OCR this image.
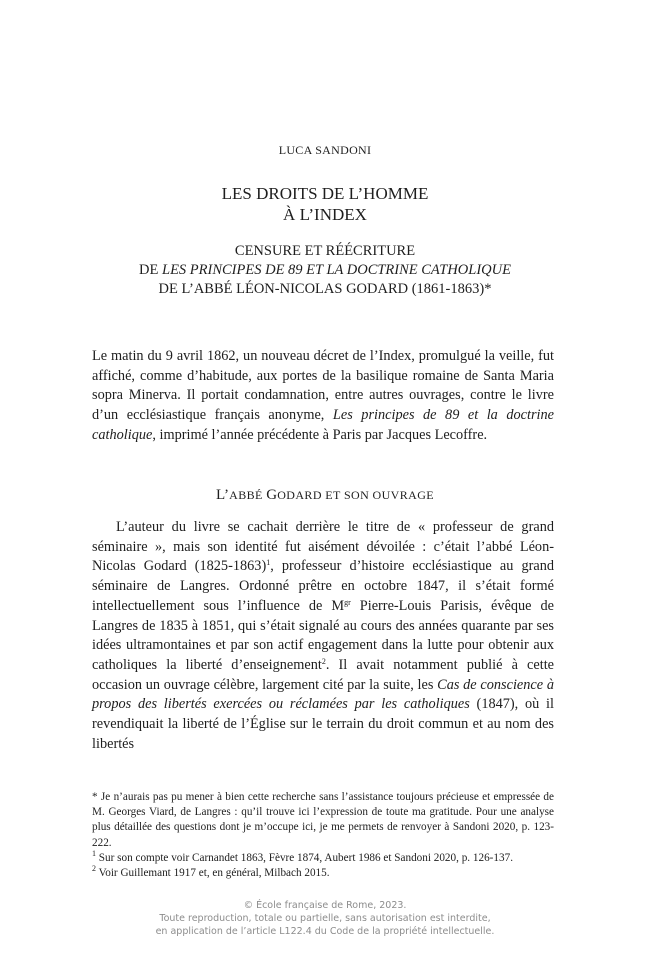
LUCA SANDONI
LES DROITS DE L’HOMME
À L’INDEX
CENSURE ET RÉÉCRITURE
DE LES PRINCIPES DE 89 ET LA DOCTRINE CATHOLIQUE
DE L’ABBÉ LÉON-NICOLAS GODARD (1861-1863)*
Le matin du 9 avril 1862, un nouveau décret de l’Index, promulgué la veille, fut affiché, comme d’habitude, aux portes de la basilique romaine de Santa Maria sopra Minerva. Il portait condamnation, entre autres ouvrages, contre le livre d’un ecclésiastique français anonyme, Les principes de 89 et la doctrine catholique, imprimé l’année précédente à Paris par Jacques Lecoffre.
L’ABBÉ GODARD ET SON OUVRAGE
L’auteur du livre se cachait derrière le titre de « professeur de grand séminaire », mais son identité fut aisément dévoilée : c’était l’abbé Léon-Nicolas Godard (1825-1863)$^1$, professeur d’histoire ecclésiastique au grand séminaire de Langres. Ordonné prêtre en octobre 1847, il s’était formé intellectuellement sous l’influence de $M^{gr}$ Pierre-Louis Parisis, évêque de Langres de 1835 à 1851, qui s’était signalé au cours des années quarante par ses idées ultramontaines et par son actif engagement dans la lutte pour obtenir aux catholiques la liberté d’enseignement$^2$. Il avait notamment publié à cette occasion un ouvrage célèbre, largement cité par la suite, les Cas de conscience à propos des libertés exercées ou réclamées par les catholiques (1847), où il revendiquait la liberté de l’Église sur le terrain du droit commun et au nom des libertés

* Je n’aurais pas pu mener à bien cette recherche sans l’assistance toujours précieuse et empressée de M. Georges Viard, de Langres : qu’il trouve ici l’expression de toute ma gratitude. Pour une analyse plus détaillée des questions dont je m’occupe ici, je me permets de renvoyer à Sandoni 2020, p. 123-222.

$^1$ Sur son compte voir Carnandet 1863, Fèvre 1874, Aubert 1986 et Sandoni 2020, p. 126-137.

$^2$ Voir Guillemant 1917 et, en général, Milbach 2015.

© École française de Rome, 2023.
Toute reproduction, totale ou partielle, sans autorisation est interdite,
en application de l’article L122.4 du Code de la propriété intellectuelle.
